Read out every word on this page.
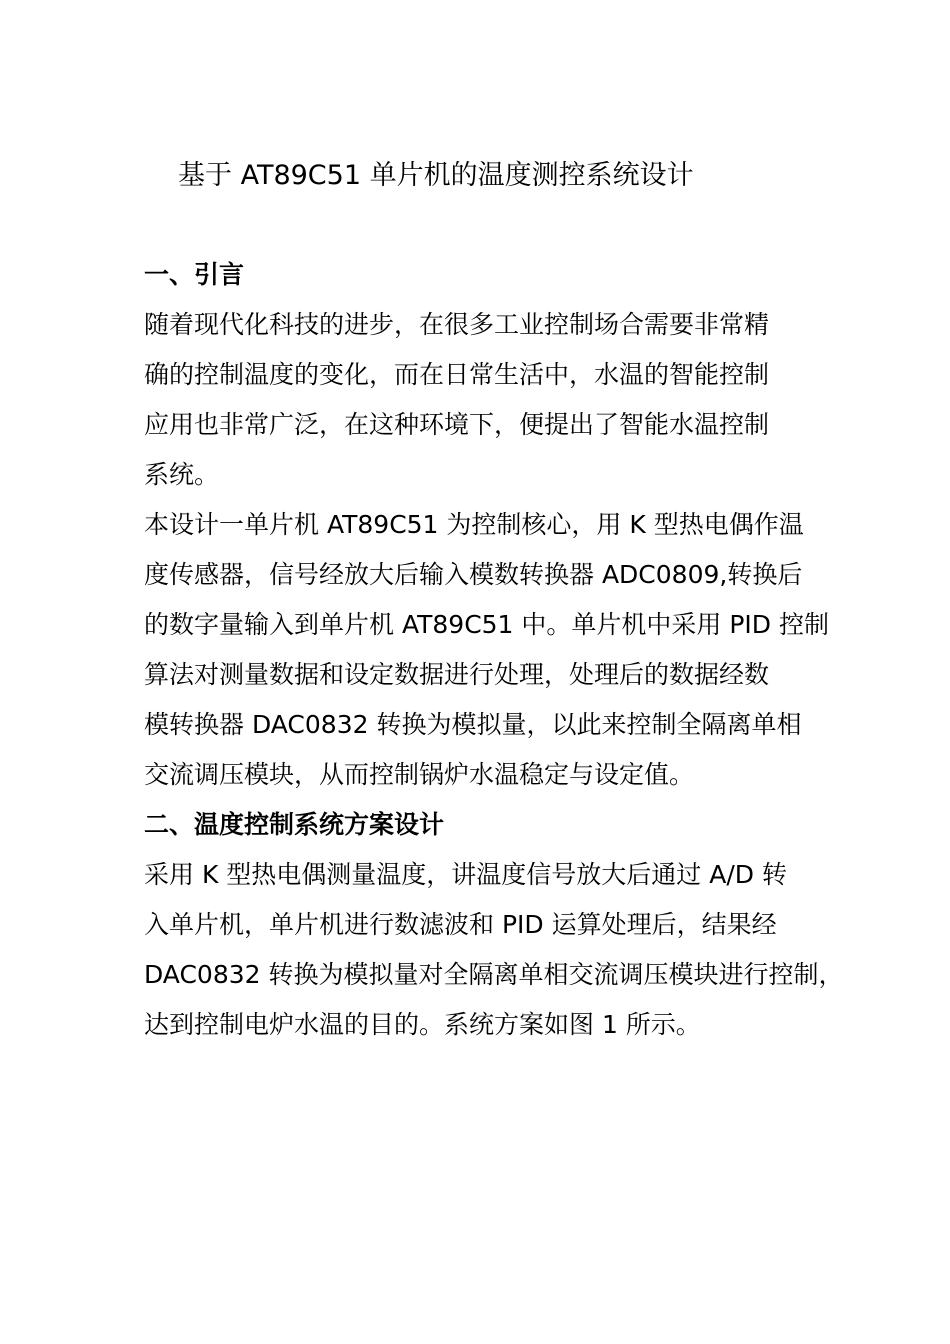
基于 AT89C51 单片机的温度测控系统设计
一、引言
随着现代化科技的进步，在很多工业控制场合需要非常精
确的控制温度的变化，而在日常生活中，水温的智能控制
应用也非常广泛，在这种环境下，便提出了智能水温控制
系统。
本设计一单片机 AT89C51 为控制核心，用 K 型热电偶作温
度传感器，信号经放大后输入模数转换器 ADC0809,转换后
的数字量输入到单片机 AT89C51 中。单片机中采用 PID 控制
算法对测量数据和设定数据进行处理，处理后的数据经数
模转换器 DAC0832 转换为模拟量，以此来控制全隔离单相
交流调压模块，从而控制锅炉水温稳定与设定值。
二、温度控制系统方案设计
采用 K 型热电偶测量温度，讲温度信号放大后通过 A/D 转
入单片机，单片机进行数滤波和 PID 运算处理后，结果经
DAC0832 转换为模拟量对全隔离单相交流调压模块进行控制，
达到控制电炉水温的目的。系统方案如图 1 所示。
